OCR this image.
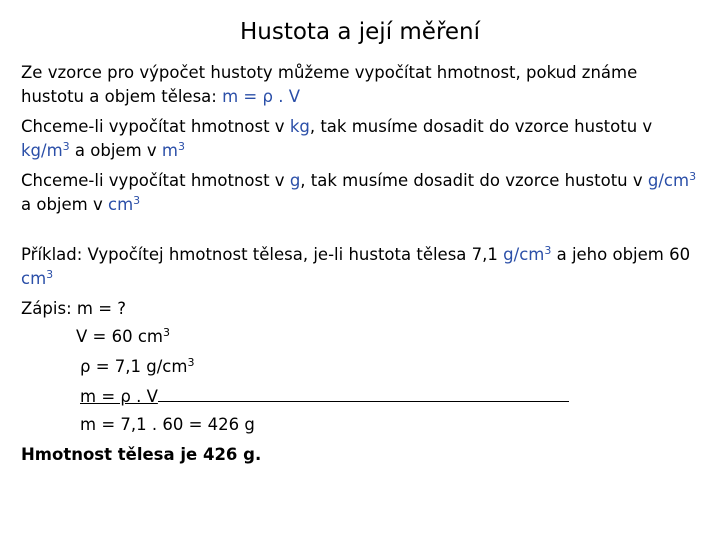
Hustota a její měření

Ze vzorce pro výpočet hustoty můžeme vypočítat hmotnost, pokud známe hustotu a objem tělesa: m = ρ . V

Chceme-li vypočítat hmotnost v kg, tak musíme dosadit do vzorce hustotu v $kg/m^3$ a objem v $m^3$

Chceme-li vypočítat hmotnost v g, tak musíme dosadit do vzorce hustotu v $g/cm^3$ a objem v $cm^3$

Příklad: Vypočítej hmotnost tělesa, je-li hustota tělesa 7,1 $g/cm^3$ a jeho objem 60 $cm^3$

Zápis: m = ?

V = 60 $cm^3$

ρ = 7,1 $g/cm^3$

m = ρ . V

m = 7,1 . 60 = 426 g

Hmotnost tělesa je 426 g.
